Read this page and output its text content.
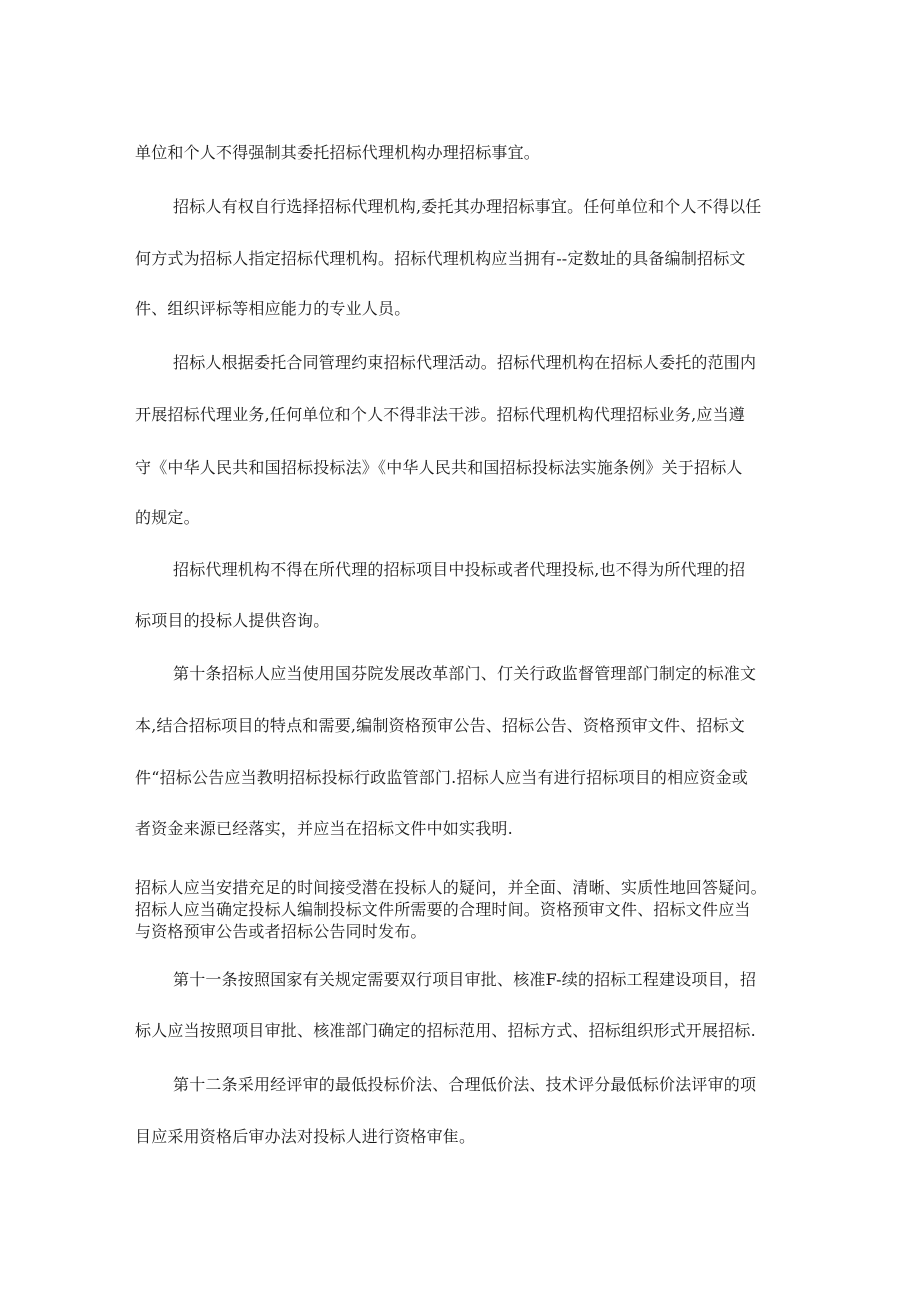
单位和个人不得强制其委托招标代理机构办理招标事宜。
招标人有权自行选择招标代理机构,委托其办理招标事宜。任何单位和个人不得以任
何方式为招标人指定招标代理机构。招标代理机构应当拥有--定数址的具备编制招标文
件、组织评标等相应能力的专业人员。
招标人根据委托合同管理约束招标代理活动。招标代理机构在招标人委托的范围内
开展招标代理业务,任何单位和个人不得非法干涉。招标代理机构代理招标业务,应当遵
守《中华人民共和国招标投标法》《中华人民共和国招标投标法实施条例》关于招标人
的规定。
招标代理机构不得在所代理的招标项目中投标或者代理投标,也不得为所代理的招
标项目的投标人提供咨询。
第十条招标人应当使用国芬院发展改革部门、仃关行政监督管理部门制定的标准文
本,结合招标项目的特点和需要,编制资格预审公告、招标公告、资格预审文件、招标文
件“招标公告应当教明招标投标行政监管部门.招标人应当有进行招标项目的相应资金或
者资金来源已经落实，并应当在招标文件中如实我明.
招标人应当安措充足的时间接受潜在投标人的疑问，并全面、清晰、实质性地回答疑问。
招标人应当确定投标人编制投标文件所需要的合理时间。资格预审文件、招标文件应当
与资格预审公告或者招标公告同时发布。
第十一条按照国家有关规定需要双行项目审批、核准F-续的招标工程建设项目，招
标人应当按照项目审批、核准部门确定的招标范用、招标方式、招标组织形式开展招标.
第十二条采用经评审的最低投标价法、合理低价法、技术评分最低标价法评审的项
目应采用资格后审办法对投标人进行资格审隹。
